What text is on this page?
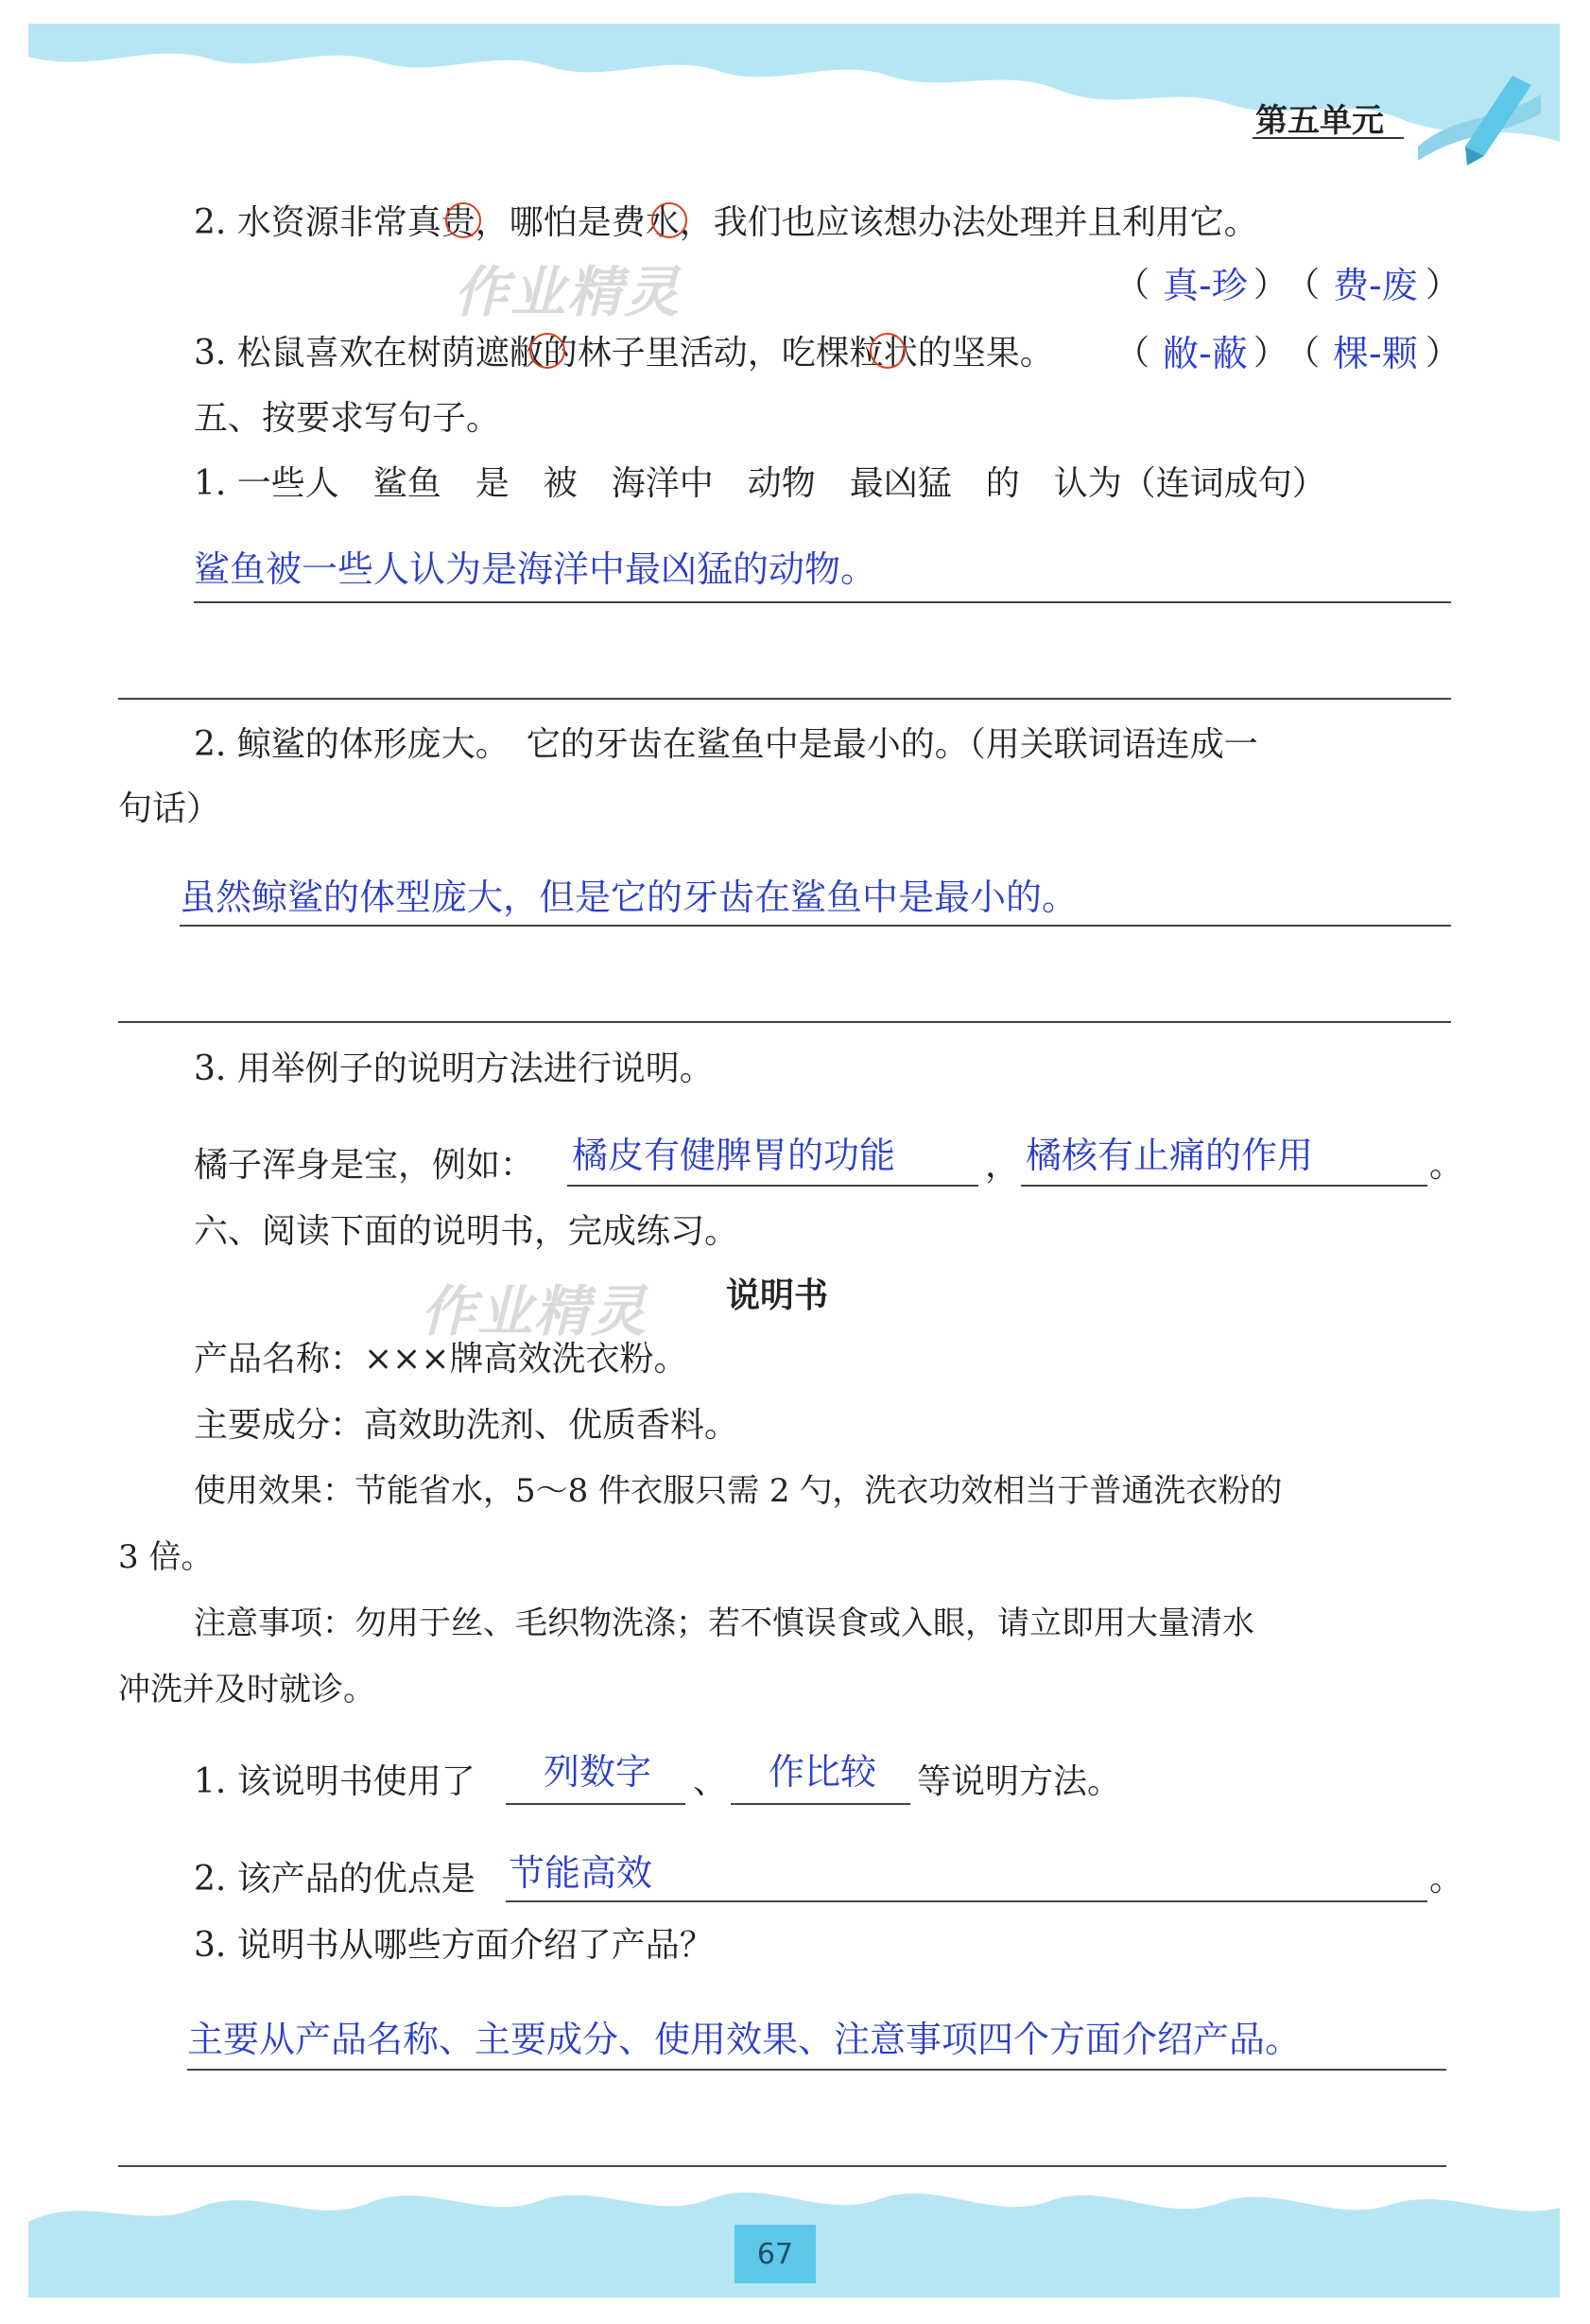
第五单元
作业精灵
作业精灵
2. 水资源非常真贵，哪怕是费水，我们也应该想办法处理并且利用它。
（ 真-珍 ）
（ 费-废 ）
3. 松鼠喜欢在树荫遮敝的林子里活动，吃棵粒状的坚果。 （ 敝-蔽 ）
（ 棵-颗 ）
五、按要求写句子。
1. 一些人　鲨鱼　是　被　海洋中　动物　最凶猛　的　认为（连词成句）
鲨鱼被一些人认为是海洋中最凶猛的动物。
2. 鲸鲨的体形庞大。　它的牙齿在鲨鱼中是最小的。（用关联词语连成一
句话）
虽然鲸鲨的体型庞大，但是它的牙齿在鲨鱼中是最小的。
3. 用举例子的说明方法进行说明。
橘子浑身是宝，例如： 橘皮有健脾胃的功能	， 橘核有止痛的作用	。
六、阅读下面的说明书，完成练习。
说明书
产品名称：×××牌高效洗衣粉。
主要成分：高效助洗剂、优质香料。
使用效果：节能省水，5～8 件衣服只需 2 勺，洗衣功效相当于普通洗衣粉的
3 倍。
注意事项：勿用于丝、毛织物洗涤；若不慎误食或入眼，请立即用大量清水
冲洗并及时就诊。
1. 该说明书使用了 列数字 、 作比较 等说明方法。
2. 该产品的优点是 节能高效	。
3. 说明书从哪些方面介绍了产品？
主要从产品名称、主要成分、使用效果、注意事项四个方面介绍产品。
67
